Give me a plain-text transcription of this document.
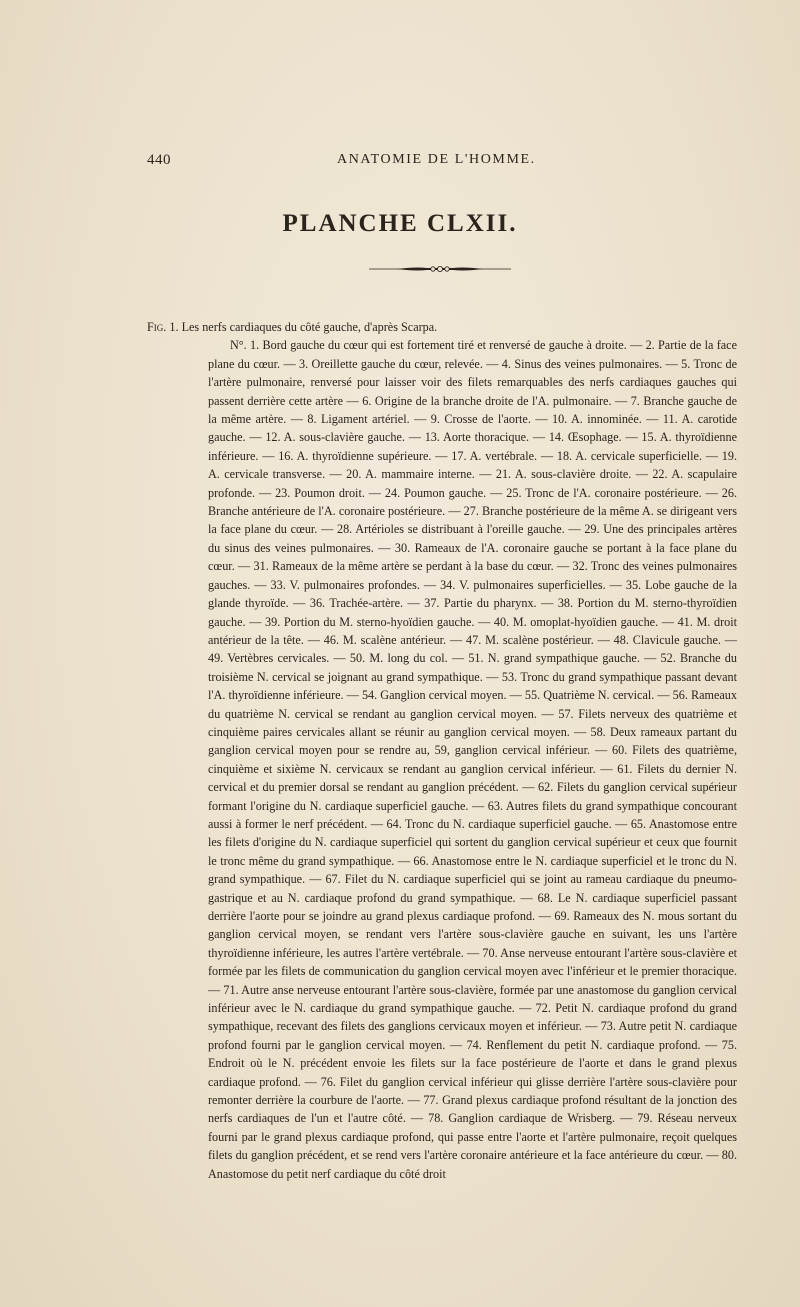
440	ANATOMIE DE L'HOMME.
PLANCHE CLXII.

Fig. 1. Les nerfs cardiaques du côté gauche, d'après Scarpa.

N°. 1. Bord gauche du cœur qui est fortement tiré et renversé de gauche à droite. — 2. Partie de la face plane du cœur. — 3. Oreillette gauche du cœur, relevée. — 4. Sinus des veines pulmonaires. — 5. Tronc de l'artère pulmonaire, renversé pour laisser voir des filets remarquables des nerfs cardiaques gauches qui passent derrière cette artère — 6. Origine de la branche droite de l'A. pulmonaire. — 7. Branche gauche de la même artère. — 8. Ligament artériel. — 9. Crosse de l'aorte. — 10. A. innominée. — 11. A. carotide gauche. — 12. A. sous-clavière gauche. — 13. Aorte thoracique. — 14. Œsophage. — 15. A. thyroïdienne inférieure. — 16. A. thyroïdienne supérieure. — 17. A. vertébrale. — 18. A. cervicale superficielle. — 19. A. cervicale transverse. — 20. A. mammaire interne. — 21. A. sous-clavière droite. — 22. A. scapulaire profonde. — 23. Poumon droit. — 24. Poumon gauche. — 25. Tronc de l'A. coronaire postérieure. — 26. Branche antérieure de l'A. coronaire postérieure. — 27. Branche postérieure de la même A. se dirigeant vers la face plane du cœur. — 28. Artérioles se distribuant à l'oreille gauche. — 29. Une des principales artères du sinus des veines pulmonaires. — 30. Rameaux de l'A. coronaire gauche se portant à la face plane du cœur. — 31. Rameaux de la même artère se perdant à la base du cœur. — 32. Tronc des veines pulmonaires gauches. — 33. V. pulmonaires profondes. — 34. V. pulmonaires superficielles. — 35. Lobe gauche de la glande thyroïde. — 36. Trachée-artère. — 37. Partie du pharynx. — 38. Portion du M. sterno-thyroïdien gauche. — 39. Portion du M. sterno-hyoïdien gauche. — 40. M. omoplat-hyoïdien gauche. — 41. M. droit antérieur de la tête. — 46. M. scalène antérieur. — 47. M. scalène postérieur. — 48. Clavicule gauche. — 49. Vertèbres cervicales. — 50. M. long du col. — 51. N. grand sympathique gauche. — 52. Branche du troisième N. cervical se joignant au grand sympathique. — 53. Tronc du grand sympathique passant devant l'A. thyroïdienne inférieure. — 54. Ganglion cervical moyen. — 55. Quatrième N. cervical. — 56. Rameaux du quatrième N. cervical se rendant au ganglion cervical moyen. — 57. Filets nerveux des quatrième et cinquième paires cervicales allant se réunir au ganglion cervical moyen. — 58. Deux rameaux partant du ganglion cervical moyen pour se rendre au, 59, ganglion cervical inférieur. — 60. Filets des quatrième, cinquième et sixième N. cervicaux se rendant au ganglion cervical inférieur. — 61. Filets du dernier N. cervical et du premier dorsal se rendant au ganglion précédent. — 62. Filets du ganglion cervical supérieur formant l'origine du N. cardiaque superficiel gauche. — 63. Autres filets du grand sympathique concourant aussi à former le nerf précédent. — 64. Tronc du N. cardiaque superficiel gauche. — 65. Anastomose entre les filets d'origine du N. cardiaque superficiel qui sortent du ganglion cervical supérieur et ceux que fournit le tronc même du grand sympathique. — 66. Anastomose entre le N. cardiaque superficiel et le tronc du N. grand sympathique. — 67. Filet du N. cardiaque superficiel qui se joint au rameau cardiaque du pneumo-gastrique et au N. cardiaque profond du grand sympathique. — 68. Le N. cardiaque superficiel passant derrière l'aorte pour se joindre au grand plexus cardiaque profond. — 69. Rameaux des N. mous sortant du ganglion cervical moyen, se rendant vers l'artère sous-clavière gauche en suivant, les uns l'artère thyroïdienne inférieure, les autres l'artère vertébrale. — 70. Anse nerveuse entourant l'artère sous-clavière et formée par les filets de communication du ganglion cervical moyen avec l'inférieur et le premier thoracique. — 71. Autre anse nerveuse entourant l'artère sous-clavière, formée par une anastomose du ganglion cervical inférieur avec le N. cardiaque du grand sympathique gauche. — 72. Petit N. cardiaque profond du grand sympathique, recevant des filets des ganglions cervicaux moyen et inférieur. — 73. Autre petit N. cardiaque profond fourni par le ganglion cervical moyen. — 74. Renflement du petit N. cardiaque profond. — 75. Endroit où le N. précédent envoie les filets sur la face postérieure de l'aorte et dans le grand plexus cardiaque profond. — 76. Filet du ganglion cervical inférieur qui glisse derrière l'artère sous-clavière pour remonter derrière la courbure de l'aorte. — 77. Grand plexus cardiaque profond résultant de la jonction des nerfs cardiaques de l'un et l'autre côté. — 78. Ganglion cardiaque de Wrisberg. — 79. Réseau nerveux fourni par le grand plexus cardiaque profond, qui passe entre l'aorte et l'artère pulmonaire, reçoit quelques filets du ganglion précédent, et se rend vers l'artère coronaire antérieure et la face antérieure du cœur. — 80. Anastomose du petit nerf cardiaque du côté droit
